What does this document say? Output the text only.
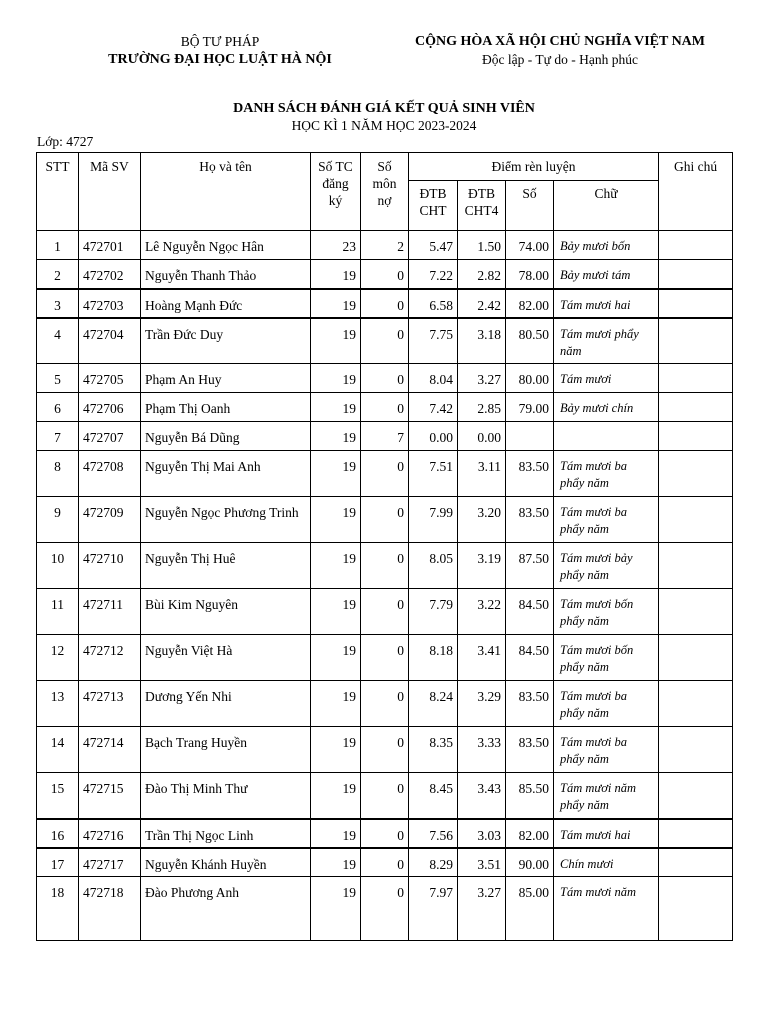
BỘ TƯ PHÁP
TRƯỜNG ĐẠI HỌC LUẬT HÀ NỘI
CỘNG HÒA XÃ HỘI CHỦ NGHĨA VIỆT NAM
Độc lập - Tự do - Hạnh phúc
DANH SÁCH ĐÁNH GIÁ KẾT QUẢ SINH VIÊN
HỌC KÌ 1 NĂM HỌC 2023-2024
Lớp: 4727
STT	Mã SV	Họ và tên	Số TC đăng ký	Số môn nợ	Điểm rèn luyện				Ghi chú
					ĐTB CHT	ĐTB CHT4	Số	Chữ	
1	472701	Lê Nguyễn Ngọc Hân	23	2	5.47	1.50	74.00	Bảy mươi bốn	
2	472702	Nguyễn Thanh Thảo	19	0	7.22	2.82	78.00	Bảy mươi tám	
3	472703	Hoàng Mạnh Đức	19	0	6.58	2.42	82.00	Tám mươi hai	
4	472704	Trần Đức Duy	19	0	7.75	3.18	80.50	Tám mươi phẩy năm	
5	472705	Phạm An Huy	19	0	8.04	3.27	80.00	Tám mươi	
6	472706	Phạm Thị Oanh	19	0	7.42	2.85	79.00	Bảy mươi chín	
7	472707	Nguyễn Bá Dũng	19	7	0.00	0.00			
8	472708	Nguyễn Thị Mai Anh	19	0	7.51	3.11	83.50	Tám mươi ba phẩy năm	
9	472709	Nguyễn Ngọc Phương Trinh	19	0	7.99	3.20	83.50	Tám mươi ba phẩy năm	
10	472710	Nguyễn Thị Huê	19	0	8.05	3.19	87.50	Tám mươi bảy phẩy năm	
11	472711	Bùi Kim Nguyên	19	0	7.79	3.22	84.50	Tám mươi bốn phẩy năm	
12	472712	Nguyễn Việt Hà	19	0	8.18	3.41	84.50	Tám mươi bốn phẩy năm	
13	472713	Dương Yến Nhi	19	0	8.24	3.29	83.50	Tám mươi ba phẩy năm	
14	472714	Bạch Trang Huyền	19	0	8.35	3.33	83.50	Tám mươi ba phẩy năm	
15	472715	Đào Thị Minh Thư	19	0	8.45	3.43	85.50	Tám mươi năm phẩy năm	
16	472716	Trần Thị Ngọc Linh	19	0	7.56	3.03	82.00	Tám mươi hai	
17	472717	Nguyễn Khánh Huyền	19	0	8.29	3.51	90.00	Chín mươi	
18	472718	Đào Phương Anh	19	0	7.97	3.27	85.00	Tám mươi năm	
